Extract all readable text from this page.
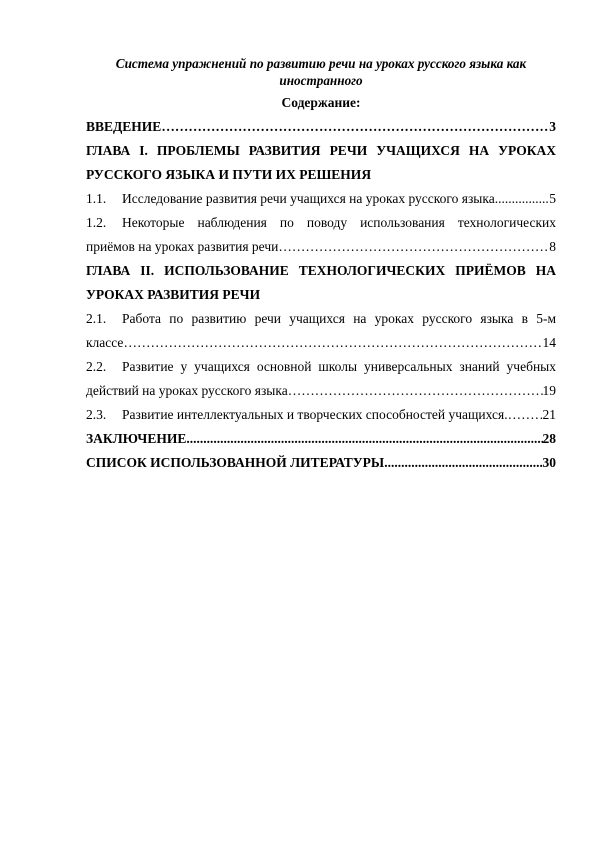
Система упражнений по развитию речи на уроках русского языка как иностранного
Содержание:
ВВЕДЕНИЕ ………………………………………………………………………………………………………………………………………………………………	3
ГЛАВА I. ПРОБЛЕМЫ РАЗВИТИЯ РЕЧИ УЧАЩИХСЯ НА УРОКАХ
РУССКОГО ЯЗЫКА И ПУТИ ИХ РЕШЕНИЯ
1.1.	Исследование развития речи учащихся на уроках русского языка .....	5
1.2.	Некоторые наблюдения по поводу использования технологических
приёмов на уроках развития речи ………………………………………………………………………………………………………………………………………………………………	8
ГЛАВА II. ИСПОЛЬЗОВАНИЕ ТЕХНОЛОГИЧЕСКИХ ПРИЁМОВ НА
УРОКАХ РАЗВИТИЯ РЕЧИ
2.1.	Работа по развитию речи учащихся на уроках русского языка в 5-м
классе ………………………………………………………………………………………………………………………………………………………………	14
2.2.	Развитие у учащихся основной школы универсальных знаний учебных
действий на уроках русского языка ………………………………………………………………………………………………………………………………………………………………	19
2.3.	Развитие интеллектуальных и творческих способностей учащихся. ………………………………………………………………………………………………………………………………………………………………	21
ЗАКЛЮЧЕНИЕ .....	28
СПИСОК ИСПОЛЬЗОВАННОЙ ЛИТЕРАТУРЫ .....	30
